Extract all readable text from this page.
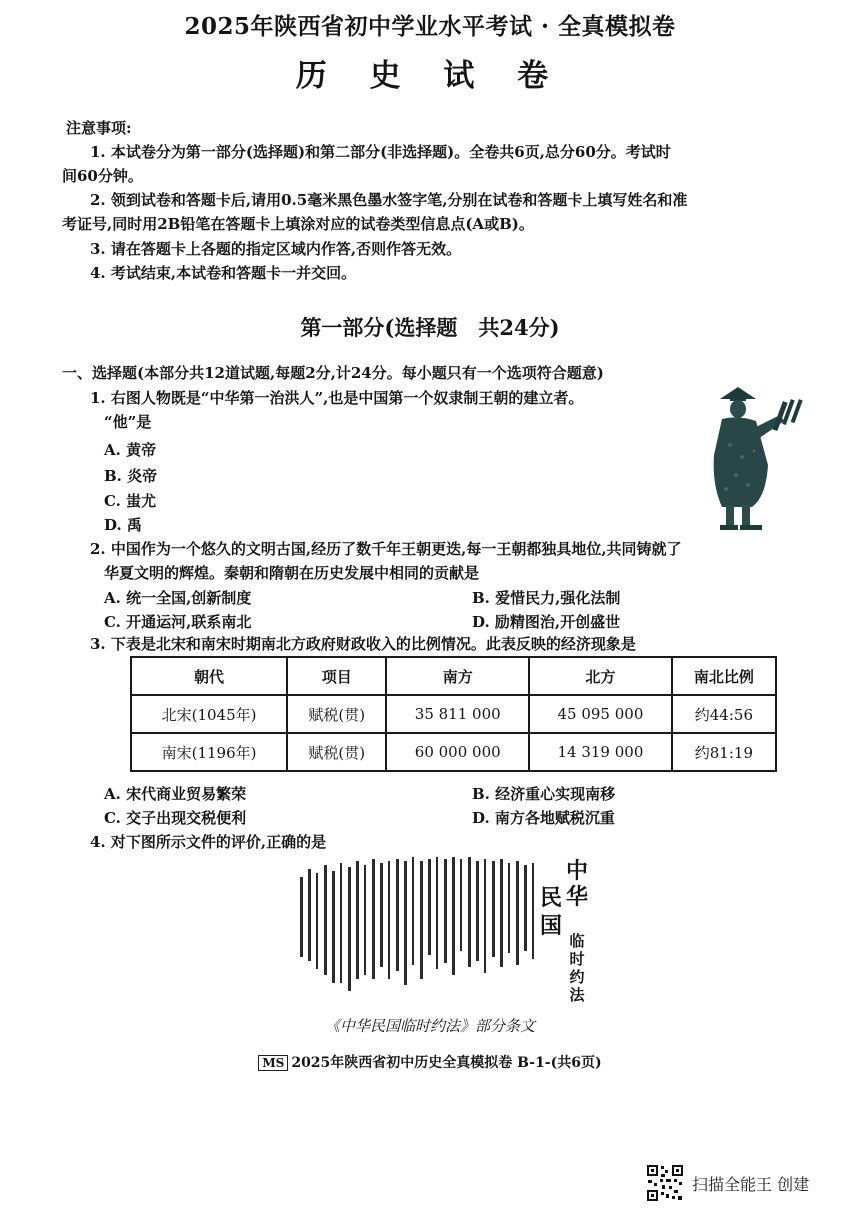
2025年陕西省初中学业水平考试 · 全真模拟卷
历 史 试 卷
注意事项:
1. 本试卷分为第一部分(选择题)和第二部分(非选择题)。全卷共6页,总分60分。考试时
间60分钟。
2. 领到试卷和答题卡后,请用0.5毫米黑色墨水签字笔,分别在试卷和答题卡上填写姓名和准
考证号,同时用2B铅笔在答题卡上填涂对应的试卷类型信息点(A或B)。
3. 请在答题卡上各题的指定区域内作答,否则作答无效。
4. 考试结束,本试卷和答题卡一并交回。
第一部分(选择题　共24分)
一、选择题(本部分共12道试题,每题2分,计24分。每小题只有一个选项符合题意)
1. 右图人物既是“中华第一治洪人”,也是中国第一个奴隶制王朝的建立者。
“他”是
A. 黄帝
B. 炎帝
C. 蚩尤
D. 禹
2. 中国作为一个悠久的文明古国,经历了数千年王朝更迭,每一王朝都独具地位,共同铸就了
华夏文明的辉煌。秦朝和隋朝在历史发展中相同的贡献是
A. 统一全国,创新制度	B. 爱惜民力,强化法制
C. 开通运河,联系南北	D. 励精图治,开创盛世
3. 下表是北宋和南宋时期南北方政府财政收入的比例情况。此表反映的经济现象是
朝代	项目	南方	北方	南北比例
北宋(1045年)	赋税(贯)	35 811 000	45 095 000	约44:56
南宋(1196年)	赋税(贯)	60 000 000	14 319 000	约81:19
A. 宋代商业贸易繁荣	B. 经济重心实现南移
C. 交子出现交税便利	D. 南方各地赋税沉重
4. 对下图所示文件的评价,正确的是
中
华
临
时
约
法
民
国
《中华民国临时约法》部分条文
MS 2025年陕西省初中历史全真模拟卷 B-1-(共6页)
扫描全能王 创建
